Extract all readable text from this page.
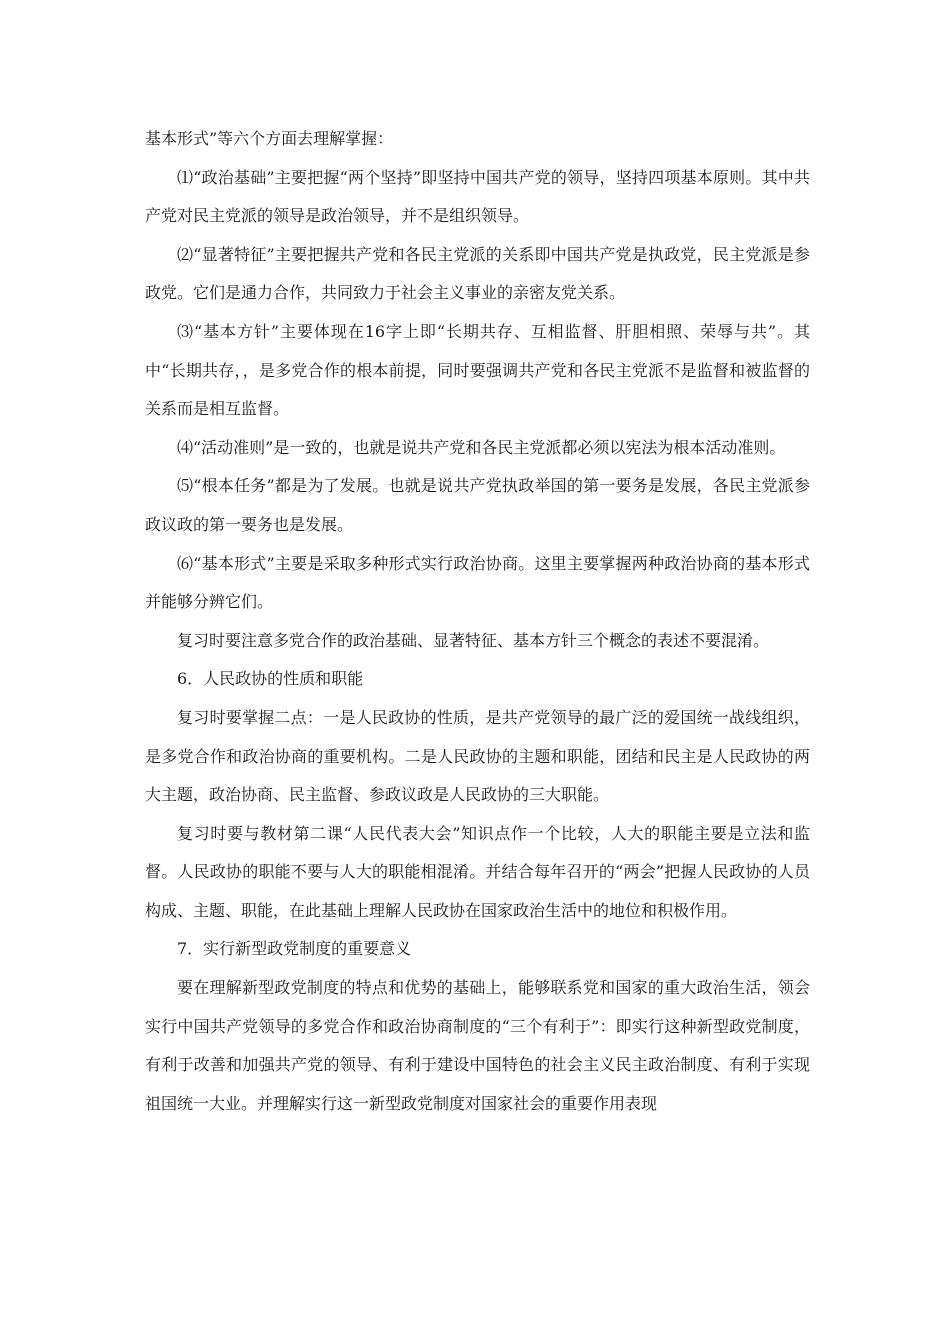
基本形式”等六个方面去理解掌握：

⑴“政治基础”主要把握“两个坚持”即坚持中国共产党的领导，坚持四项基本原则。其中共产党对民主党派的领导是政治领导，并不是组织领导。

⑵“显著特征”主要把握共产党和各民主党派的关系即中国共产党是执政党，民主党派是参政党。它们是通力合作，共同致力于社会主义事业的亲密友党关系。

⑶“基本方针”主要体现在16字上即“长期共存、互相监督、肝胆相照、荣辱与共”。其中“长期共存，，是多党合作的根本前提，同时要强调共产党和各民主党派不是监督和被监督的关系而是相互监督。

⑷“活动准则”是一致的，也就是说共产党和各民主党派都必须以宪法为根本活动准则。

⑸“根本任务”都是为了发展。也就是说共产党执政举国的第一要务是发展，各民主党派参政议政的第一要务也是发展。

⑹“基本形式”主要是采取多种形式实行政治协商。这里主要掌握两种政治协商的基本形式并能够分辨它们。

复习时要注意多党合作的政治基础、显著特征、基本方针三个概念的表述不要混淆。

6．人民政协的性质和职能

复习时要掌握二点：一是人民政协的性质，是共产党领导的最广泛的爱国统一战线组织，是多党合作和政治协商的重要机构。二是人民政协的主题和职能，团结和民主是人民政协的两大主题，政治协商、民主监督、参政议政是人民政协的三大职能。

复习时要与教材第二课“人民代表大会”知识点作一个比较，人大的职能主要是立法和监督。人民政协的职能不要与人大的职能相混淆。并结合每年召开的“两会”把握人民政协的人员构成、主题、职能，在此基础上理解人民政协在国家政治生活中的地位和积极作用。

7．实行新型政党制度的重要意义

要在理解新型政党制度的特点和优势的基础上，能够联系党和国家的重大政治生活，领会实行中国共产党领导的多党合作和政治协商制度的“三个有利于”：即实行这种新型政党制度，有利于改善和加强共产党的领导、有利于建设中国特色的社会主义民主政治制度、有利于实现祖国统一大业。并理解实行这一新型政党制度对国家社会的重要作用表现
